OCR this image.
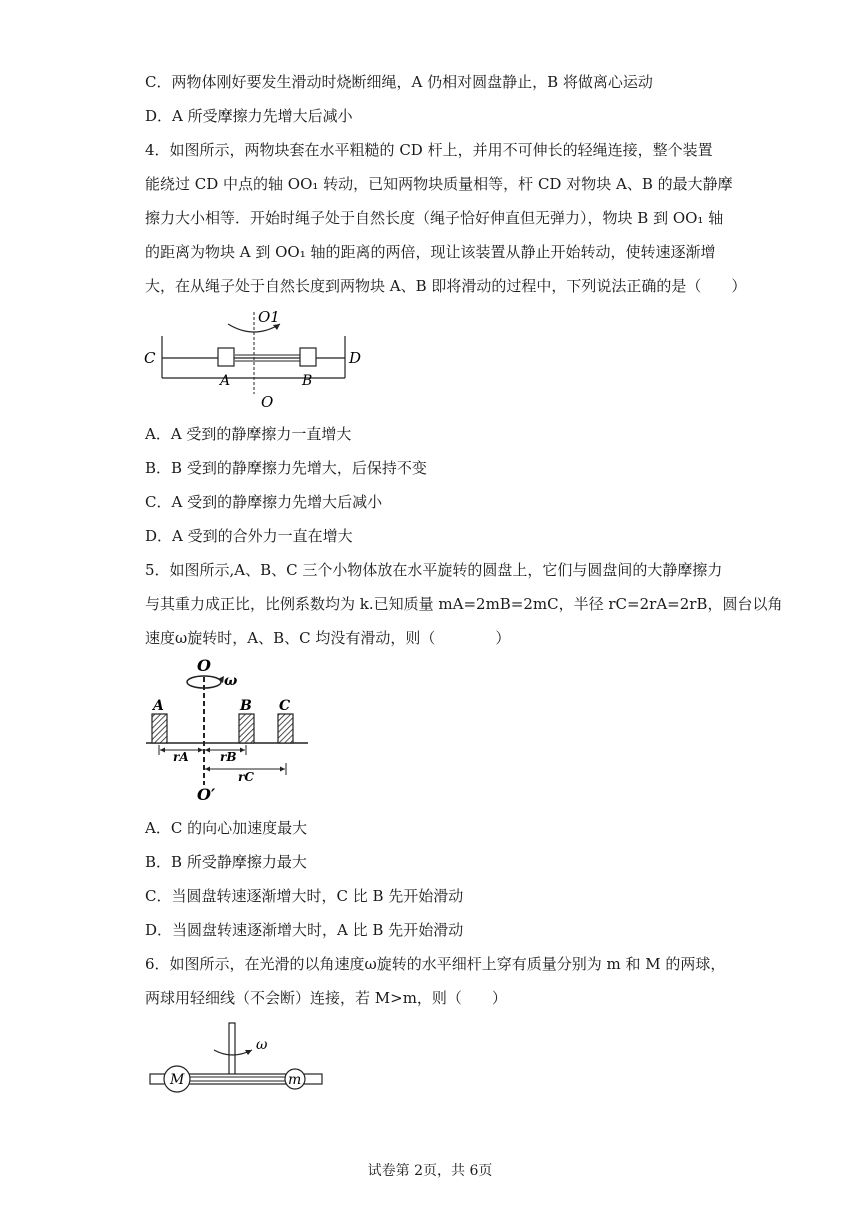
C．两物体刚好要发生滑动时烧断细绳，A 仍相对圆盘静止，B 将做离心运动
D．A 所受摩擦力先增大后减小
4．如图所示，两物块套在水平粗糙的 CD 杆上，并用不可伸长的轻绳连接，整个装置
能绕过 CD 中点的轴 OO₁ 转动，已知两物块质量相等，杆 CD 对物块 A、B 的最大静摩
擦力大小相等．开始时绳子处于自然长度（绳子恰好伸直但无弹力），物块 B 到 OO₁ 轴
的距离为物块 A 到 OO₁ 轴的距离的两倍，现让该装置从静止开始转动，使转速逐渐增
大，在从绳子处于自然长度到两物块 A、B 即将滑动的过程中，下列说法正确的是（　　）
A．A 受到的静摩擦力一直增大
B．B 受到的静摩擦力先增大，后保持不变
C．A 受到的静摩擦力先增大后减小
D．A 受到的合外力一直在增大
5．如图所示,A、B、C 三个小物体放在水平旋转的圆盘上，它们与圆盘间的大静摩擦力
与其重力成正比，比例系数均为 k.已知质量 mA=2mB=2mC，半径 rC=2rA=2rB，圆台以角
速度ω旋转时，A、B、C 均没有滑动，则（　　　　）
A．C 的向心加速度最大
B．B 所受静摩擦力最大
C．当圆盘转速逐渐增大时，C 比 B 先开始滑动
D．当圆盘转速逐渐增大时，A 比 B 先开始滑动
6．如图所示，在光滑的以角速度ω旋转的水平细杆上穿有质量分别为 m 和 M 的两球，
两球用轻细线（不会断）连接，若 M>m，则（　　）
O1
C	D
A	B
O
O
ω
A	B C
rA	rB
rC
O′
ω
M	m
试卷第 2页，共 6页
